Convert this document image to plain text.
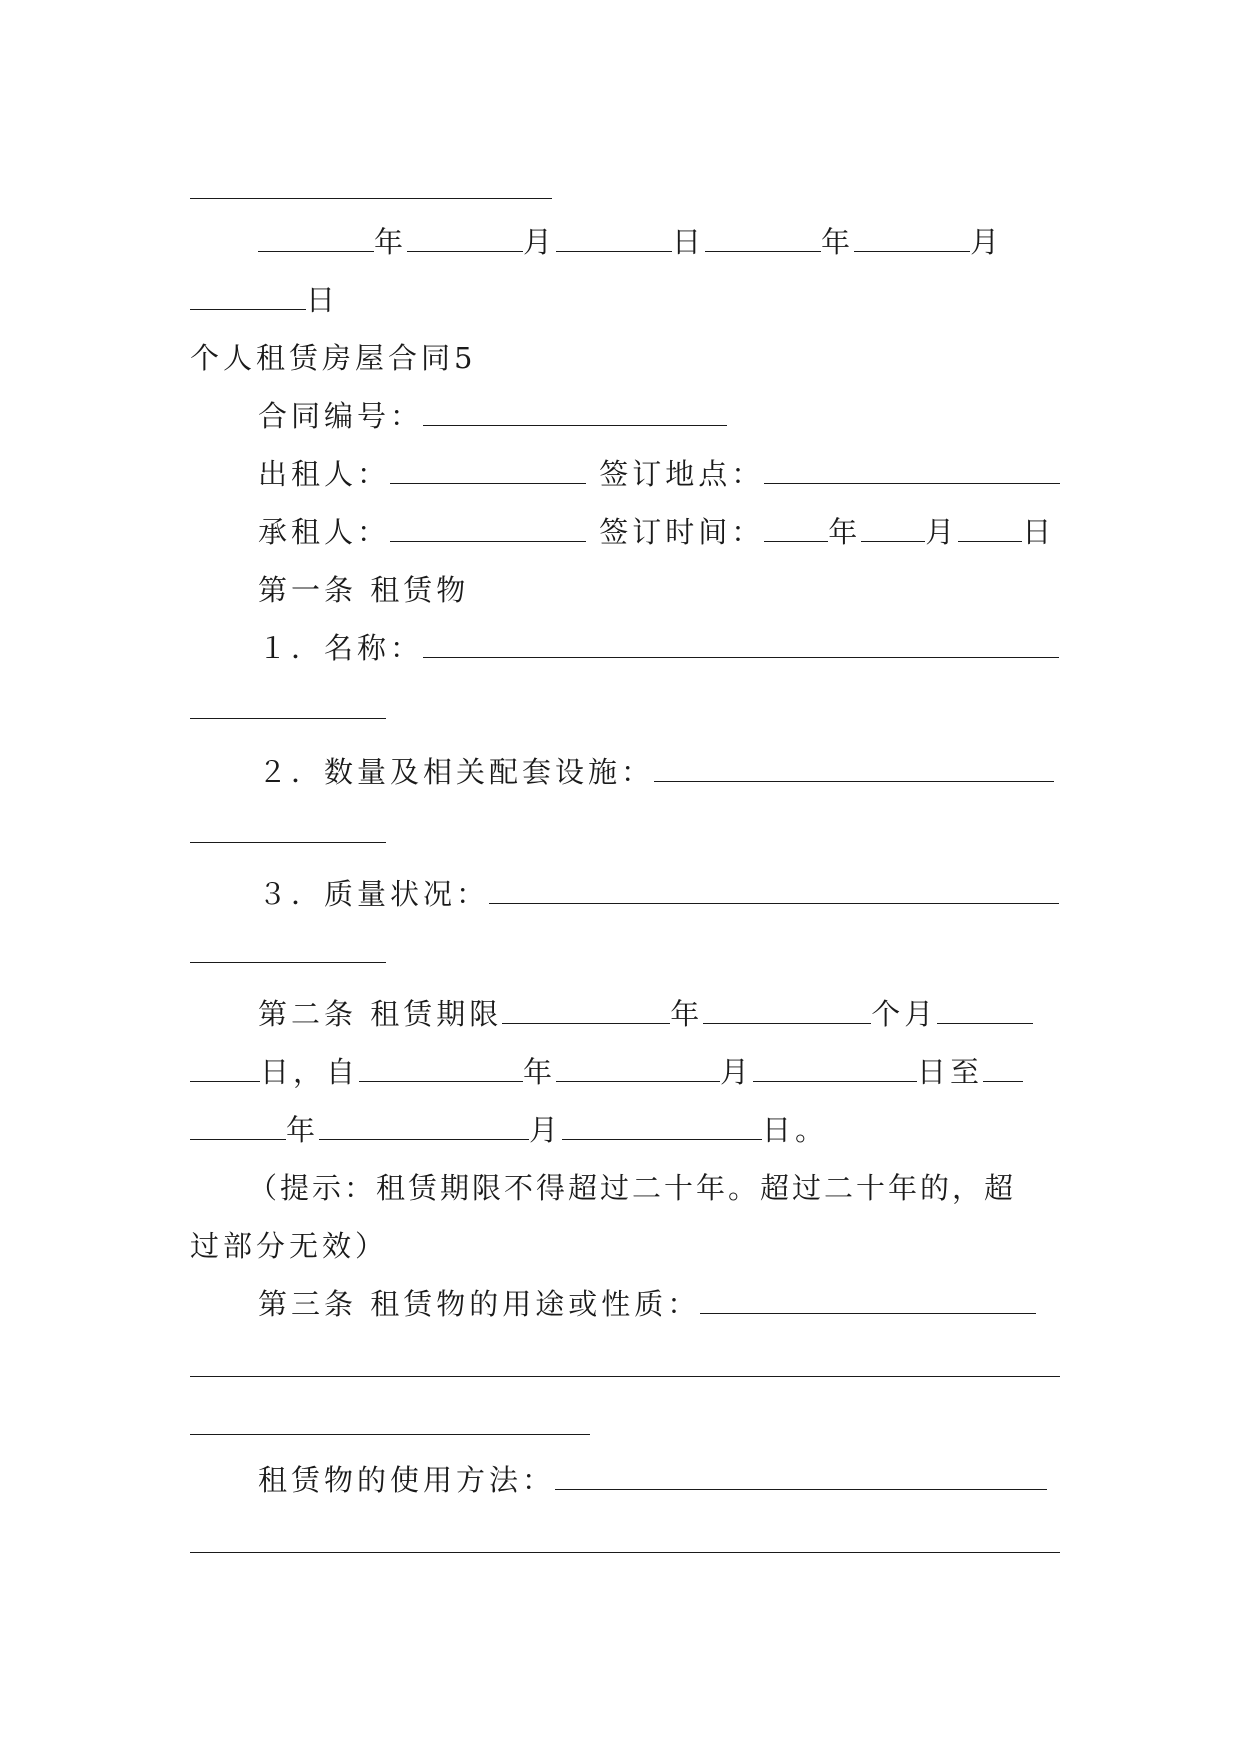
年	月	日	年	月
日
个人租赁房屋合同5
合同编号：
出租人：	签订地点：
承租人：	签订时间： 年 月 日
第一条 租赁物
１．名称：
２．数量及相关配套设施：
３．质量状况：
第二条 租赁期限	年	个月
日，自	年	月	日至
年	月	日。
（提示：租赁期限不得超过二十年。超过二十年的，超
过部分无效）
第三条 租赁物的用途或性质：
租赁物的使用方法：
